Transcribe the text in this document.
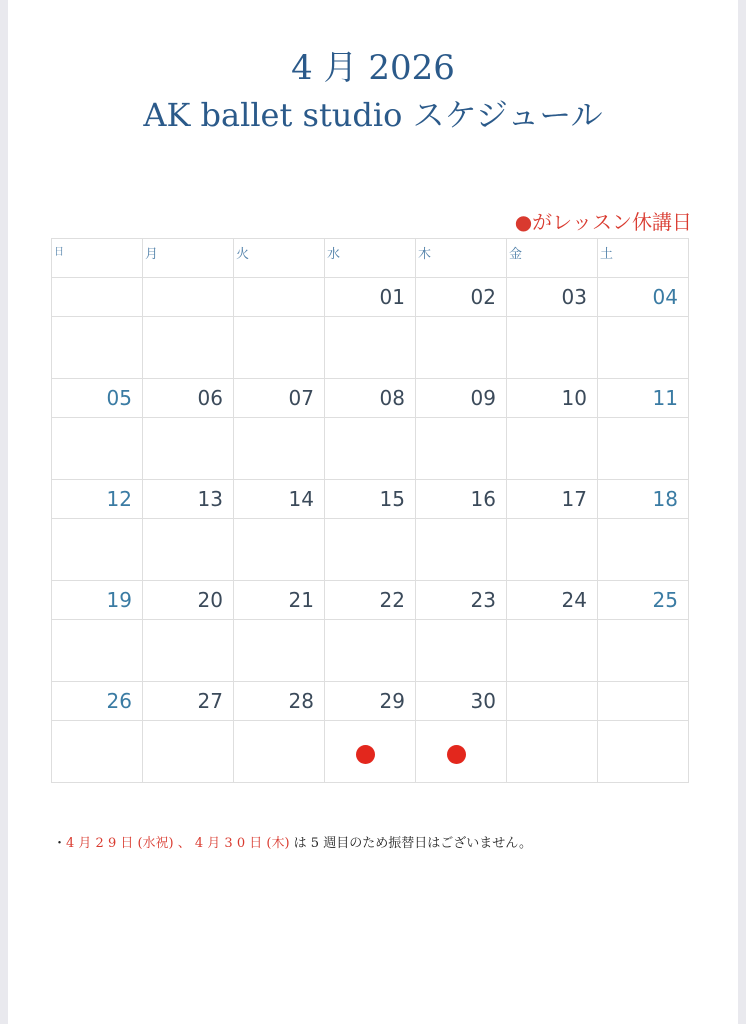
4 月 2026
AK ballet studio スケジュール
●がレッスン休講日
日	月	火	水	木	金	土

			01	02	03	04

05	06	07	08	09	10	11

12	13	14	15	16	17	18

19	20	21	22	23	24	25

26	27	28	29	30		

・4 月 2 9 日 (水祝) 、 4 月 3 0 日 (木) は 5 週目のため振替日はございません。
